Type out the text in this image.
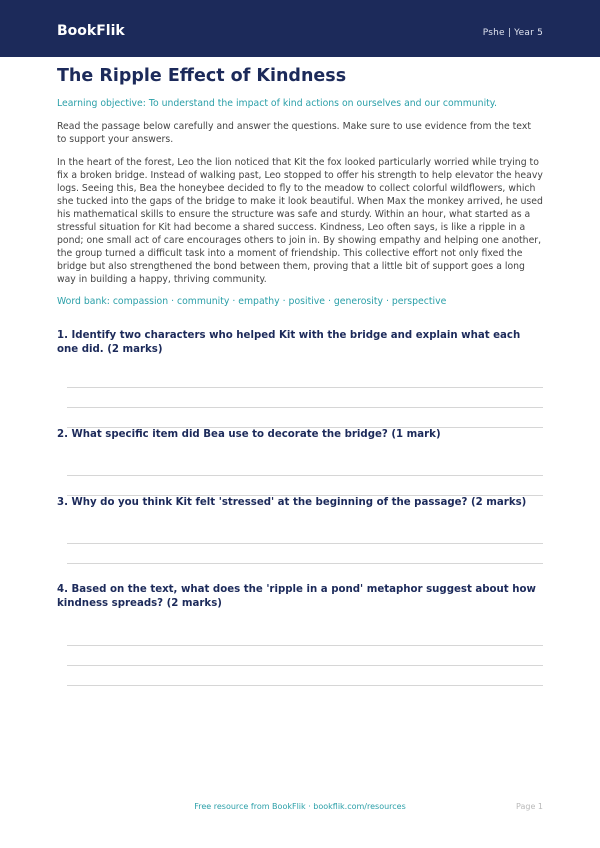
BookFlik	Pshe | Year 5
The Ripple Effect of Kindness
Learning objective: To understand the impact of kind actions on ourselves and our community.
Read the passage below carefully and answer the questions. Make sure to use evidence from the text to support your answers.
In the heart of the forest, Leo the lion noticed that Kit the fox looked particularly worried while trying to fix a broken bridge. Instead of walking past, Leo stopped to offer his strength to help elevator the heavy logs. Seeing this, Bea the honeybee decided to fly to the meadow to collect colorful wildflowers, which she tucked into the gaps of the bridge to make it look beautiful. When Max the monkey arrived, he used his mathematical skills to ensure the structure was safe and sturdy. Within an hour, what started as a stressful situation for Kit had become a shared success. Kindness, Leo often says, is like a ripple in a pond; one small act of care encourages others to join in. By showing empathy and helping one another, the group turned a difficult task into a moment of friendship. This collective effort not only fixed the bridge but also strengthened the bond between them, proving that a little bit of support goes a long way in building a happy, thriving community.
Word bank: compassion · community · empathy · positive · generosity · perspective
1. Identify two characters who helped Kit with the bridge and explain what each one did. (2 marks)
2. What specific item did Bea use to decorate the bridge? (1 mark)
3. Why do you think Kit felt 'stressed' at the beginning of the passage? (2 marks)
4. Based on the text, what does the 'ripple in a pond' metaphor suggest about how kindness spreads? (2 marks)
Free resource from BookFlik · bookflik.com/resources	Page 1
